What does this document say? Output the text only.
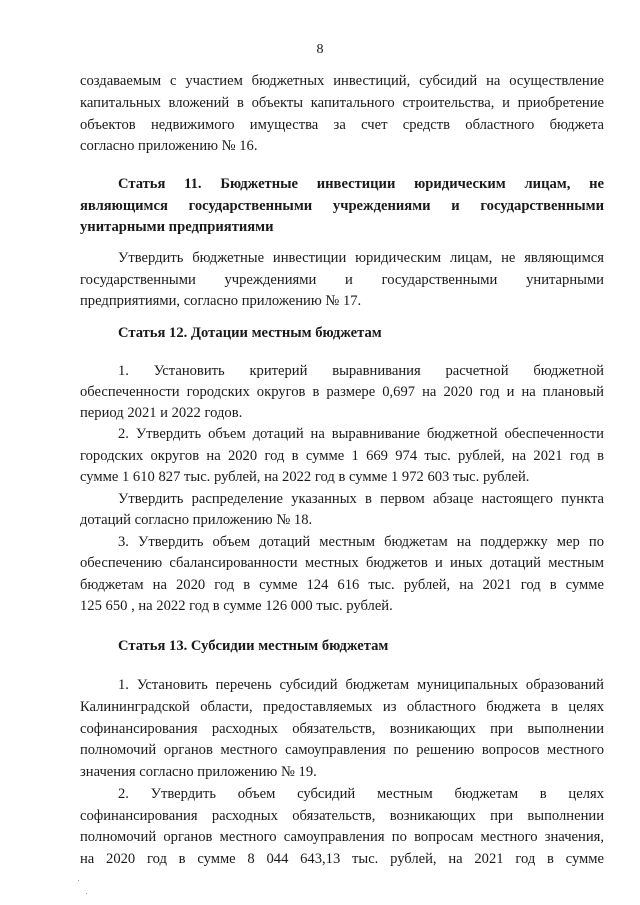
8
создаваемым с участием бюджетных инвестиций, субсидий на осуществление
капитальных вложений в объекты капитального строительства, и приобретение
объектов недвижимого имущества за счет средств областного бюджета
согласно приложению № 16.
Статья 11. Бюджетные инвестиции юридическим лицам, не
являющимся государственными учреждениями и государственными
унитарными предприятиями
Утвердить бюджетные инвестиции юридическим лицам, не являющимся
государственными учреждениями и государственными унитарными
предприятиями, согласно приложению № 17.
Статья 12. Дотации местным бюджетам
1. Установить критерий выравнивания расчетной бюджетной
обеспеченности городских округов в размере 0,697 на 2020 год и на плановый
период 2021 и 2022 годов.
2. Утвердить объем дотаций на выравнивание бюджетной обеспеченности
городских округов на 2020 год в сумме 1 669 974 тыс. рублей, на 2021 год в
сумме 1 610 827 тыс. рублей, на 2022 год в сумме 1 972 603 тыс. рублей.
Утвердить распределение указанных в первом абзаце настоящего пункта
дотаций согласно приложению № 18.
3. Утвердить объем дотаций местным бюджетам на поддержку мер по
обеспечению сбалансированности местных бюджетов и иных дотаций местным
бюджетам на 2020 год в сумме 124 616 тыс. рублей, на 2021 год в сумме
125 650 , на 2022 год в сумме 126 000 тыс. рублей.
Статья 13. Субсидии местным бюджетам
1. Установить перечень субсидий бюджетам муниципальных образований
Калининградской области, предоставляемых из областного бюджета в целях
софинансирования расходных обязательств, возникающих при выполнении
полномочий органов местного самоуправления по решению вопросов местного
значения согласно приложению № 19.
2. Утвердить объем субсидий местным бюджетам в целях
софинансирования расходных обязательств, возникающих при выполнении
полномочий органов местного самоуправления по вопросам местного значения,
на 2020 год в сумме 8 044 643,13 тыс. рублей, на 2021 год в сумме
